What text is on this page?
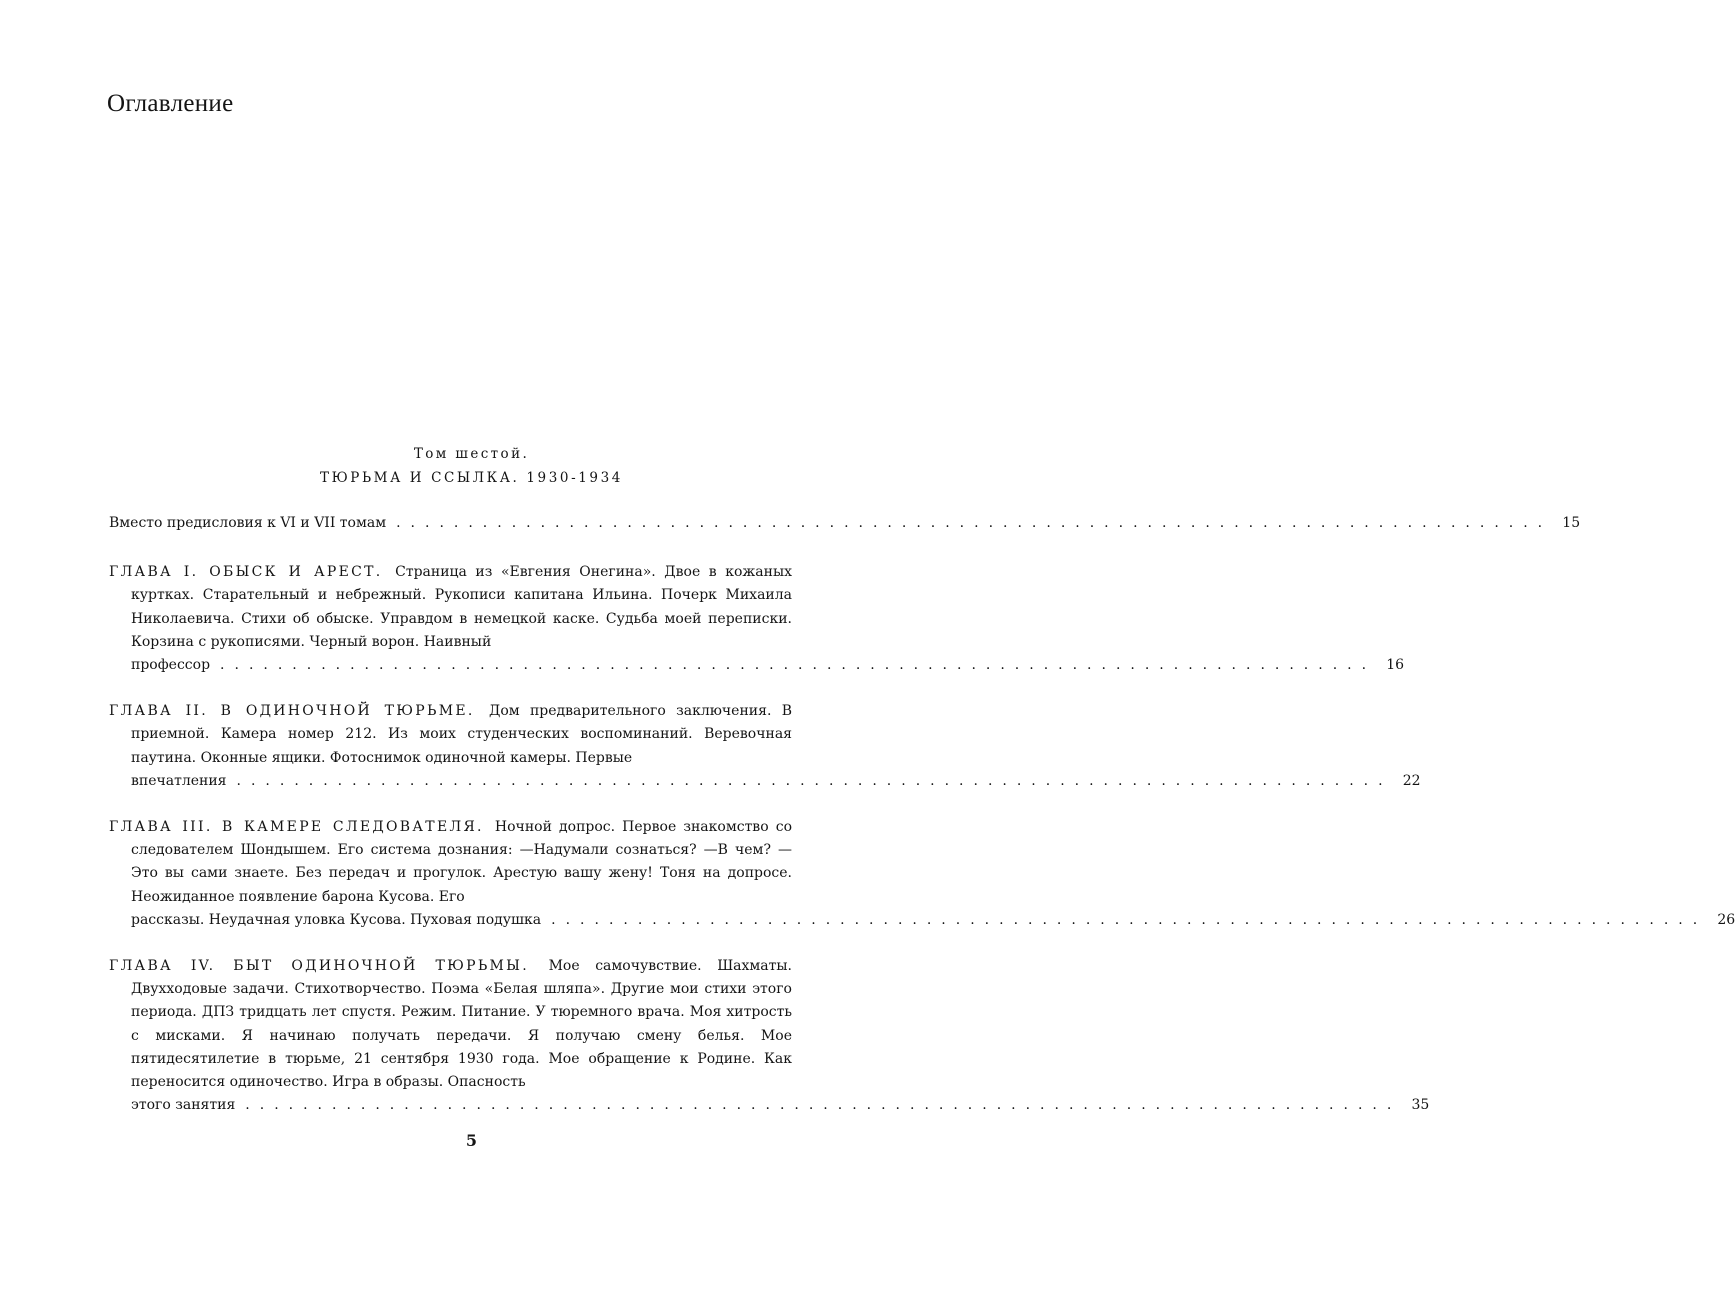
Оглавление
Том шестой.
ТЮРЬМА И ССЫЛКА. 1930-1934
Вместо предисловия к VI и VII томам ................................................................................ 15
ГЛАВА I. ОБЫСК И АРЕСТ. Страница из «Евгения Онегина». Двое в кожаных куртках. Старательный и небрежный. Рукописи капитана Ильина. Почерк Михаила Николаевича. Стихи об обыске. Управдом в немецкой каске. Судьба моей переписки. Корзина с рукописями. Черный ворон. Наивный
профессор ................................................................................ 16
ГЛАВА II. В ОДИНОЧНОЙ ТЮРЬМЕ. Дом предварительного заключения. В приемной. Камера номер 212. Из моих студенческих воспоминаний. Веревочная паутина. Оконные ящики. Фотоснимок одиночной камеры. Первые
впечатления ................................................................................ 22
ГЛАВА III. В КАМЕРЕ СЛЕДОВАТЕЛЯ. Ночной допрос. Первое знакомство со следователем Шондышем. Его система дознания: —Надумали сознаться? —В чем? —Это вы сами знаете. Без передач и прогулок. Арестую вашу жену! Тоня на допросе. Неожиданное появление барона Кусова. Его
рассказы. Неудачная уловка Кусова. Пуховая подушка ................................................................................ 26
ГЛАВА IV. БЫТ ОДИНОЧНОЙ ТЮРЬМЫ. Мое самочувствие. Шахматы. Двухходовые задачи. Стихотворчество. Поэма «Белая шляпа». Другие мои стихи этого периода. ДПЗ тридцать лет спустя. Режим. Питание. У тюремного врача. Моя хитрость с мисками. Я начинаю получать передачи. Я получаю смену белья. Мое пятидесятилетие в тюрьме, 21 сентября 1930 года. Мое обращение к Родине. Как переносится одиночество. Игра в образы. Опасность
этого занятия ................................................................................ 35
5
